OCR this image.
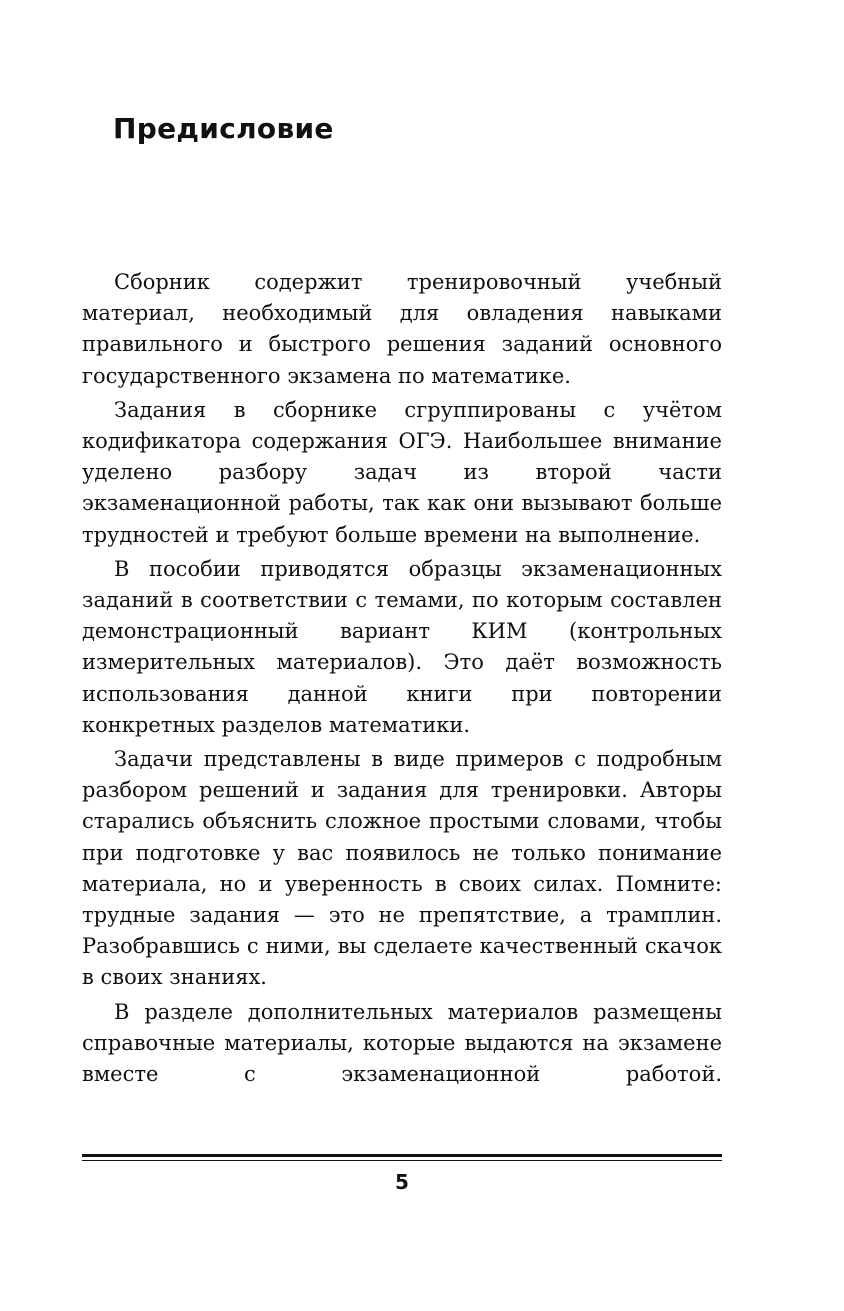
Предисловие

Сборник содержит тренировочный учебный материал, необходимый для овладения навыками правильного и быстрого решения заданий основного государственного экзамена по математике.

Задания в сборнике сгруппированы с учётом кодификатора содержания ОГЭ. Наибольшее внимание уделено разбору задач из второй части экзаменационной работы, так как они вызывают больше трудностей и требуют больше времени на выполнение.

В пособии приводятся образцы экзаменационных заданий в соответствии с темами, по которым составлен демонстрационный вариант КИМ (контрольных измерительных материалов). Это даёт возможность использования данной книги при повторении конкретных разделов математики.

Задачи представлены в виде примеров с подробным разбором решений и задания для тренировки. Авторы старались объяснить сложное простыми словами, чтобы при подготовке у вас появилось не только понимание материала, но и уверенность в своих силах. Помните: трудные задания — это не препятствие, а трамплин. Разобравшись с ними, вы сделаете качественный скачок в своих знаниях.

В разделе дополнительных материалов размещены справочные материалы, которые выдаются на экзамене вместе с экзаменационной работой.

5
